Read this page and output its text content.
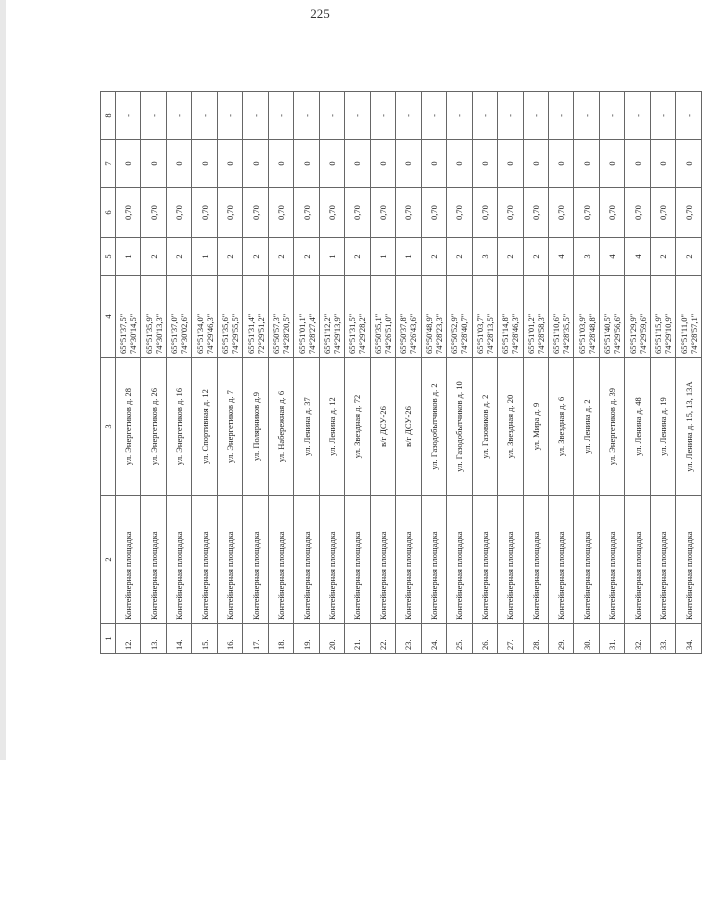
225
1	2	3	4	5	6	7	8
12.	Контейнерная площадка	ул. Энергетиков д. 28	65°51'37,5" 74°30'14,5"	1	0,70	0	-
13.	Контейнерная площадка	ул. Энергетиков д. 26	65°51'35,9" 74°30'13,3"	2	0,70	0	-
14.	Контейнерная площадка	ул. Энергетиков д. 16	65°51'37,0" 74°30'02,6"	2	0,70	0	-
15.	Контейнерная площадка	ул. Спортивная д. 12	65°51'34,0" 74°29'46,3"	1	0,70	0	-
16.	Контейнерная площадка	ул. Энергетиков д. 7	65°51'35,6" 74°29'55,5"	2	0,70	0	-
17.	Контейнерная площадка	ул. Полярников д.9	65°51'31,4" 72°29'51,2"	2	0,70	0	-
18.	Контейнерная площадка	ул. Набережная д. 6	65°50'57,3" 74°28'20,5"	2	0,70	0	-
19.	Контейнерная площадка	ул. Ленина д. 37	65°51'01,1" 74°28'27,4"	2	0,70	0	-
20.	Контейнерная площадка	ул. Ленина д. 12	65°51'12,2" 74°29'13,9"	1	0,70	0	-
21.	Контейнерная площадка	ул. Звездная д. 72	65°51'31,5" 74°29'28,2"	2	0,70	0	-
22.	Контейнерная площадка	в/г ДСУ-26	65°50'35,1" 74°26'51,0"	1	0,70	0	-
23.	Контейнерная площадка	в/г ДСУ-26	65°50'37,8" 74°26'43,6"	1	0,70	0	-
24.	Контейнерная площадка	ул. Газодобытчиков д. 2	65°50'48,9" 74°28'23,3"	2	0,70	0	-
25.	Контейнерная площадка	ул. Газодобытчиков д. 10	65°50'52,9" 74°28'40,7"	2	0,70	0	-
26.	Контейнерная площадка	ул. Газовиков д. 2	65°51'03,7" 74°28'13,5"	3	0,70	0	-
27.	Контейнерная площадка	ул. Звездная д. 20	65°51'14,8" 74°28'46,3"	2	0,70	0	-
28.	Контейнерная площадка	ул. Мира д. 9	65°51'01,2" 74°28'58,3"	2	0,70	0	-
29.	Контейнерная площадка	ул. Звездная д. 6	65°51'10,6" 74°28'35,5"	4	0,70	0	-
30.	Контейнерная площадка	ул. Ленина д. 2	65°51'03,9" 74°28'48,8"	3	0,70	0	-
31.	Контейнерная площадка	ул. Энергетиков д. 39	65°51'40,5" 74°29'56,6"	4	0,70	0	-
32.	Контейнерная площадка	ул. Ленина д. 48	65°51'29,9" 74°29'59,6"	4	0,70	0	-
33.	Контейнерная площадка	ул. Ленина д. 19	65°51'15,9" 74°29'10,9"	2	0,70	0	-
34.	Контейнерная площадка	ул. Ленина д. 15, 13, 13А	65°51'11,0" 74°28'57,1"	2	0,70	0	-
